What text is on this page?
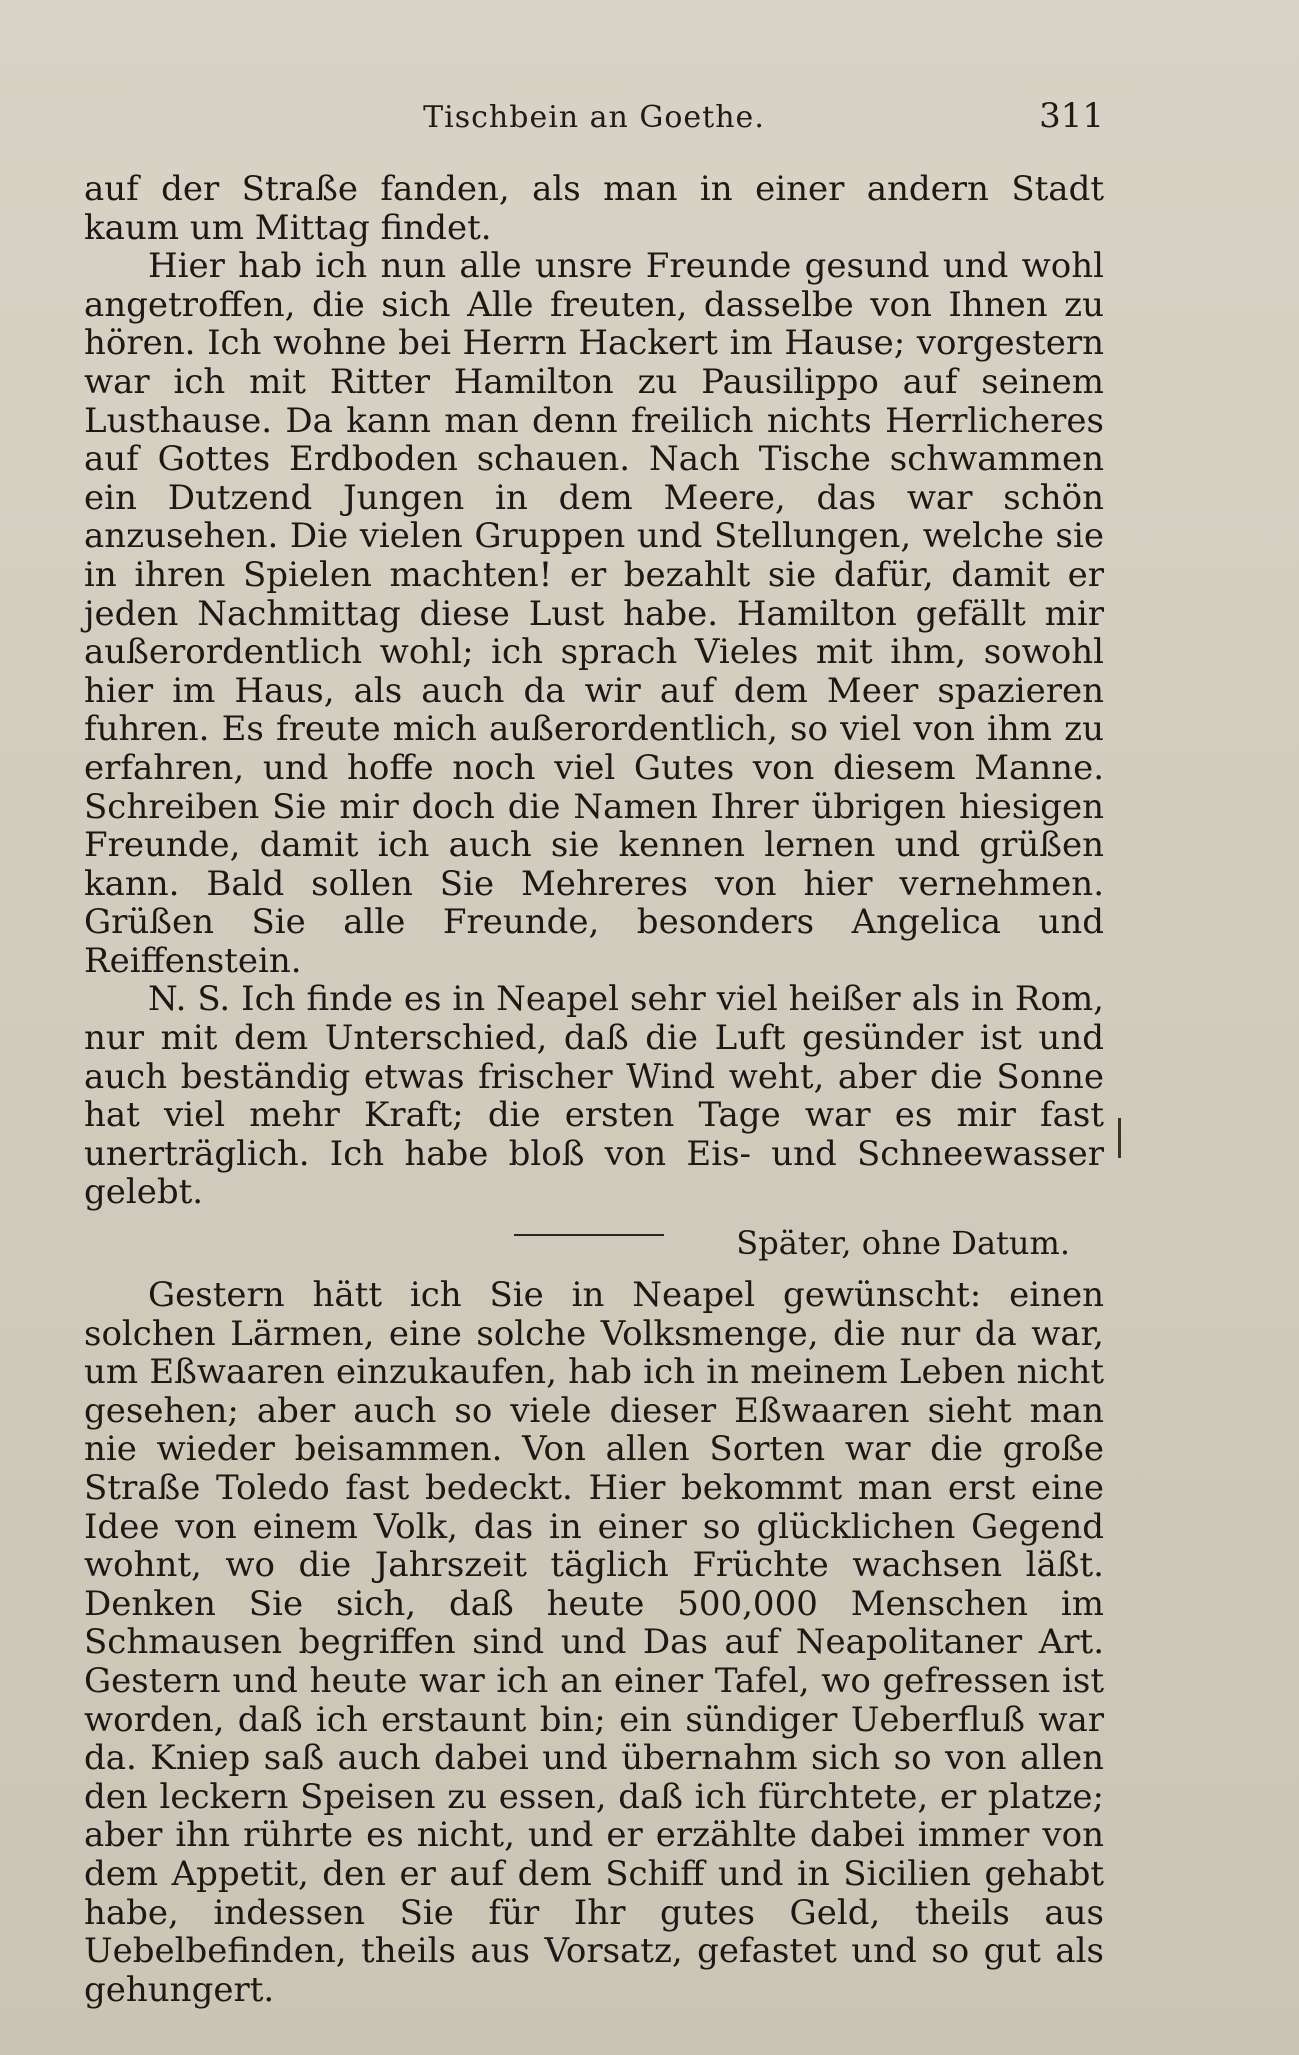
Tischbein an Goethe.	311

auf der Straße fanden, als man in einer andern Stadt kaum um Mittag findet.

Hier hab ich nun alle unsre Freunde gesund und wohl angetroffen, die sich Alle freuten, dasselbe von Ihnen zu hören. Ich wohne bei Herrn Hackert im Hause; vorgestern war ich mit Ritter Hamilton zu Pausilippo auf seinem Lusthause. Da kann man denn freilich nichts Herrlicheres auf Gottes Erdboden schauen. Nach Tische schwammen ein Dutzend Jungen in dem Meere, das war schön anzusehen. Die vielen Gruppen und Stellungen, welche sie in ihren Spielen machten! er bezahlt sie dafür, damit er jeden Nachmittag diese Lust habe. Hamilton gefällt mir außerordentlich wohl; ich sprach Vieles mit ihm, sowohl hier im Haus, als auch da wir auf dem Meer spazieren fuhren. Es freute mich außerordentlich, so viel von ihm zu erfahren, und hoffe noch viel Gutes von diesem Manne. Schreiben Sie mir doch die Namen Ihrer übrigen hiesigen Freunde, damit ich auch sie kennen lernen und grüßen kann. Bald sollen Sie Mehreres von hier vernehmen. Grüßen Sie alle Freunde, besonders Angelica und Reiffenstein.

N. S. Ich finde es in Neapel sehr viel heißer als in Rom, nur mit dem Unterschied, daß die Luft gesünder ist und auch beständig etwas frischer Wind weht, aber die Sonne hat viel mehr Kraft; die ersten Tage war es mir fast unerträglich. Ich habe bloß von Eis- und Schneewasser gelebt.

Später, ohne Datum.

Gestern hätt ich Sie in Neapel gewünscht: einen solchen Lärmen, eine solche Volksmenge, die nur da war, um Eßwaaren einzukaufen, hab ich in meinem Leben nicht gesehen; aber auch so viele dieser Eßwaaren sieht man nie wieder beisammen. Von allen Sorten war die große Straße Toledo fast bedeckt. Hier bekommt man erst eine Idee von einem Volk, das in einer so glücklichen Gegend wohnt, wo die Jahrszeit täglich Früchte wachsen läßt. Denken Sie sich, daß heute 500,000 Menschen im Schmausen begriffen sind und Das auf Neapolitaner Art. Gestern und heute war ich an einer Tafel, wo gefressen ist worden, daß ich erstaunt bin; ein sündiger Ueberfluß war da. Kniep saß auch dabei und übernahm sich so von allen den leckern Speisen zu essen, daß ich fürchtete, er platze; aber ihn rührte es nicht, und er erzählte dabei immer von dem Appetit, den er auf dem Schiff und in Sicilien gehabt habe, indessen Sie für Ihr gutes Geld, theils aus Uebelbefinden, theils aus Vorsatz, gefastet und so gut als gehungert.
